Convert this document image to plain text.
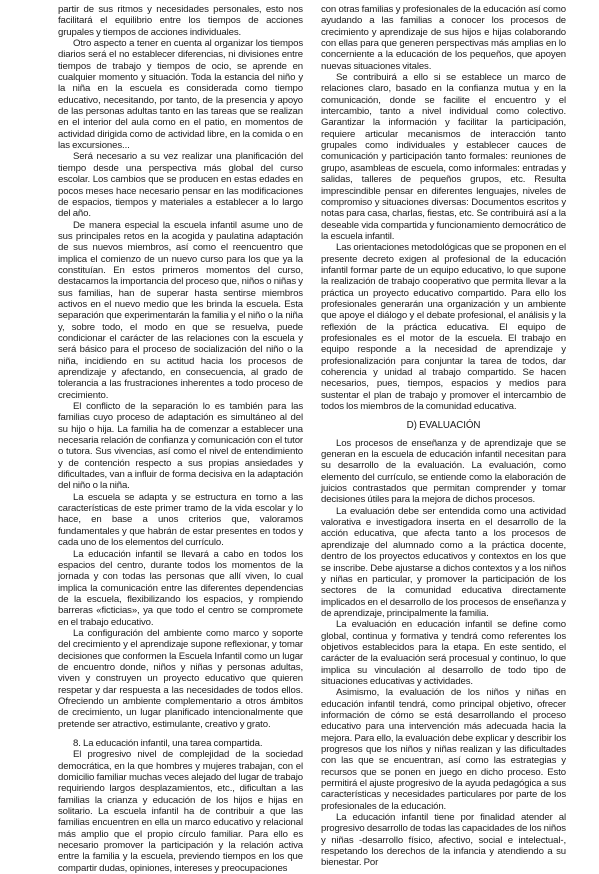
partir de sus ritmos y necesidades personales, esto nos facilitará el equilibrio entre los tiempos de acciones grupales y tiempos de acciones individuales.

Otro aspecto a tener en cuenta al organizar los tiempos diarios será el no establecer diferencias, ni divisiones entre tiempos de trabajo y tiempos de ocio, se aprende en cualquier momento y situación. Toda la estancia del niño y la niña en la escuela es considerada como tiempo educativo, necesitando, por tanto, de la presencia y apoyo de las personas adultas tanto en las tareas que se realizan en el interior del aula como en el patio, en momentos de actividad dirigida como de actividad libre, en la comida o en las excursiones...

Será necesario a su vez realizar una planificación del tiempo desde una perspectiva más global del curso escolar. Los cambios que se producen en estas edades en pocos meses hace necesario pensar en las modificaciones de espacios, tiempos y materiales a establecer a lo largo del año.

De manera especial la escuela infantil asume uno de sus principales retos en la acogida y paulatina adaptación de sus nuevos miembros, así como el reencuentro que implica el comienzo de un nuevo curso para los que ya la constituían. En estos primeros momentos del curso, destacamos la importancia del proceso que, niños o niñas y sus familias, han de superar hasta sentirse miembros activos en el nuevo medio que les brinda la escuela. Esta separación que experimentarán la familia y el niño o la niña y, sobre todo, el modo en que se resuelva, puede condicionar el carácter de las relaciones con la escuela y será básico para el proceso de socialización del niño o la niña, incidiendo en su actitud hacia los procesos de aprendizaje y afectando, en consecuencia, al grado de tolerancia a las frustraciones inherentes a todo proceso de crecimiento.

El conflicto de la separación lo es también para las familias cuyo proceso de adaptación es simultáneo al del su hijo o hija. La familia ha de comenzar a establecer una necesaria relación de confianza y comunicación con el tutor o tutora. Sus vivencias, así como el nivel de entendimiento y de contención respecto a sus propias ansiedades y dificultades, van a influir de forma decisiva en la adaptación del niño o la niña.

La escuela se adapta y se estructura en torno a las características de este primer tramo de la vida escolar y lo hace, en base a unos criterios que, valoramos fundamentales y que habrán de estar presentes en todos y cada uno de los elementos del currículo.

La educación infantil se llevará a cabo en todos los espacios del centro, durante todos los momentos de la jornada y con todas las personas que allí viven, lo cual implica la comunicación entre las diferentes dependencias de la escuela, flexibilizando los espacios, y rompiendo barreras «ficticias», ya que todo el centro se compromete en el trabajo educativo.

La configuración del ambiente como marco y soporte del crecimiento y el aprendizaje supone reflexionar, y tomar decisiones que conformen la Escuela Infantil como un lugar de encuentro donde, niños y niñas y personas adultas, viven y construyen un proyecto educativo que quieren respetar y dar respuesta a las necesidades de todos ellos. Ofreciendo un ambiente complementario a otros ámbitos de crecimiento, un lugar planificado intencionalmente que pretende ser atractivo, estimulante, creativo y grato.

8. La educación infantil, una tarea compartida.

El progresivo nivel de complejidad de la sociedad democrática, en la que hombres y mujeres trabajan, con el domicilio familiar muchas veces alejado del lugar de trabajo requiriendo largos desplazamientos, etc., dificultan a las familias la crianza y educación de los hijos e hijas en solitario. La escuela infantil ha de contribuir a que las familias encuentren en ella un marco educativo y relacional más amplio que el propio círculo familiar. Para ello es necesario promover la participación y la relación activa entre la familia y la escuela, previendo tiempos en los que compartir dudas, opiniones, intereses y preocupaciones

con otras familias y profesionales de la educación así como ayudando a las familias a conocer los procesos de crecimiento y aprendizaje de sus hijos e hijas colaborando con ellas para que generen perspectivas más amplias en lo concerniente a la educación de los pequeños, que apoyen nuevas situaciones vitales.

Se contribuirá a ello si se establece un marco de relaciones claro, basado en la confianza mutua y en la comunicación, donde se facilite el encuentro y el intercambio, tanto a nivel individual como colectivo. Garantizar la información y facilitar la participación, requiere articular mecanismos de interacción tanto grupales como individuales y establecer cauces de comunicación y participación tanto formales: reuniones de grupo, asambleas de escuela, como informales: entradas y salidas, talleres de pequeños grupos, etc. Resulta imprescindible pensar en diferentes lenguajes, niveles de compromiso y situaciones diversas: Documentos escritos y notas para casa, charlas, fiestas, etc. Se contribuirá así a la deseable vida compartida y funcionamiento democrático de la escuela infantil.

Las orientaciones metodológicas que se proponen en el presente decreto exigen al profesional de la educación infantil formar parte de un equipo educativo, lo que supone la realización de trabajo cooperativo que permita llevar a la práctica un proyecto educativo compartido. Para ello los profesionales generarán una organización y un ambiente que apoye el diálogo y el debate profesional, el análisis y la reflexión de la práctica educativa. El equipo de profesionales es el motor de la escuela. El trabajo en equipo responde a la necesidad de aprendizaje y profesionalización para conjuntar la tarea de todos, dar coherencia y unidad al trabajo compartido. Se hacen necesarios, pues, tiempos, espacios y medios para sustentar el plan de trabajo y promover el intercambio de todos los miembros de la comunidad educativa.

D) EVALUACIÓN

Los procesos de enseñanza y de aprendizaje que se generan en la escuela de educación infantil necesitan para su desarrollo de la evaluación. La evaluación, como elemento del currículo, se entiende como la elaboración de juicios contrastados que permitan comprender y tomar decisiones útiles para la mejora de dichos procesos.

La evaluación debe ser entendida como una actividad valorativa e investigadora inserta en el desarrollo de la acción educativa, que afecta tanto a los procesos de aprendizaje del alumnado como a la práctica docente, dentro de los proyectos educativos y contextos en los que se inscribe. Debe ajustarse a dichos contextos y a los niños y niñas en particular, y promover la participación de los sectores de la comunidad educativa directamente implicados en el desarrollo de los procesos de enseñanza y de aprendizaje, principalmente la familia.

La evaluación en educación infantil se define como global, continua y formativa y tendrá como referentes los objetivos establecidos para la etapa. En este sentido, el carácter de la evaluación será procesual y continuo, lo que implica su vinculación al desarrollo de todo tipo de situaciones educativas y actividades.

Asimismo, la evaluación de los niños y niñas en educación infantil tendrá, como principal objetivo, ofrecer información de cómo se está desarrollando el proceso educativo para una intervención más adecuada hacia la mejora. Para ello, la evaluación debe explicar y describir los progresos que los niños y niñas realizan y las dificultades con las que se encuentran, así como las estrategias y recursos que se ponen en juego en dicho proceso. Esto permitirá el ajuste progresivo de la ayuda pedagógica a sus características y necesidades particulares por parte de los profesionales de la educación.

La educación infantil tiene por finalidad atender al progresivo desarrollo de todas las capacidades de los niños y niñas -desarrollo físico, afectivo, social e intelectual-, respetando los derechos de la infancia y atendiendo a su bienestar. Por
